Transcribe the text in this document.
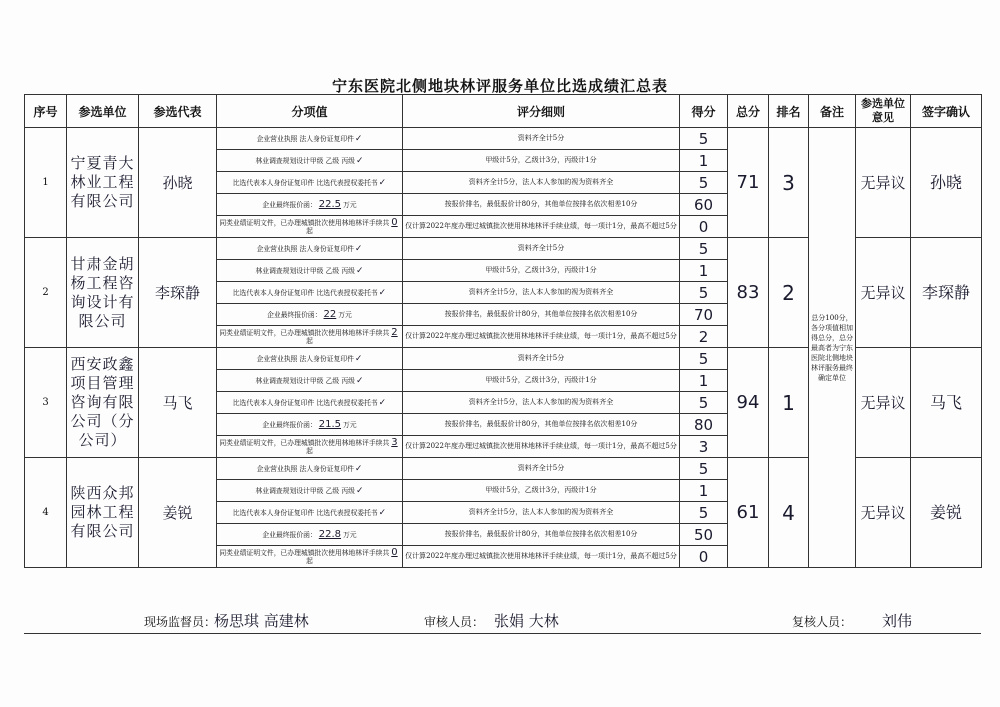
宁东医院北侧地块林评服务单位比选成绩汇总表
序号	参选单位	参选代表	分项值	评分细则	得分	总分	排名	备注	参选单位意见	签字确认
1	宁夏青大林业工程有限公司	孙晓	企业营业执照 法人身份证复印件✓	资料齐全计5分	5	71	3	总分100分，各分项值相加得总分，总分最高者为宁东医院北侧地块林评服务最终确定单位	无异议	孙晓
			林业调查规划设计甲级 乙级 丙级✓	甲级计5分，乙级计3分，丙级计1分	1					
			比选代表本人身份证复印件 比选代表授权委托书✓	资料齐全计5分，法人本人参加的视为资料齐全	5					
			企业最终报价函： 22.5 万元	按报价排名，最低报价计80分，其他单位按排名依次相差10分	60					
			同类业绩证明文件，已办理城镇批次使用林地林评手续共 0起	仅计算2022年度办理过城镇批次使用林地林评手续业绩，每一项计1分，最高不超过5分	0					
2	甘肃金胡杨工程咨询设计有限公司	李琛静	企业营业执照 法人身份证复印件✓	资料齐全计5分	5	83	2		无异议	李琛静
			林业调查规划设计甲级 乙级 丙级✓	甲级计5分，乙级计3分，丙级计1分	1					
			比选代表本人身份证复印件 比选代表授权委托书✓	资料齐全计5分，法人本人参加的视为资料齐全	5					
			企业最终报价函： 22 万元	按报价排名，最低报价计80分，其他单位按排名依次相差10分	70					
			同类业绩证明文件，已办理城镇批次使用林地林评手续共 2起	仅计算2022年度办理过城镇批次使用林地林评手续业绩，每一项计1分，最高不超过5分	2					
3	西安政鑫项目管理咨询有限公司（分公司）	马飞	企业营业执照 法人身份证复印件✓	资料齐全计5分	5	94	1		无异议	马飞
			林业调查规划设计甲级 乙级 丙级✓	甲级计5分，乙级计3分，丙级计1分	1					
			比选代表本人身份证复印件 比选代表授权委托书✓	资料齐全计5分，法人本人参加的视为资料齐全	5					
			企业最终报价函： 21.5 万元	按报价排名，最低报价计80分，其他单位按排名依次相差10分	80					
			同类业绩证明文件，已办理城镇批次使用林地林评手续共 3起	仅计算2022年度办理过城镇批次使用林地林评手续业绩，每一项计1分，最高不超过5分	3					
4	陕西众邦园林工程有限公司	姜锐	企业营业执照 法人身份证复印件✓	资料齐全计5分	5	61	4		无异议	姜锐
			林业调查规划设计甲级 乙级 丙级✓	甲级计5分，乙级计3分，丙级计1分	1					
			比选代表本人身份证复印件 比选代表授权委托书✓	资料齐全计5分，法人本人参加的视为资料齐全	5					
			企业最终报价函： 22.8 万元	按报价排名，最低报价计80分，其他单位按排名依次相差10分	50					
			同类业绩证明文件，已办理城镇批次使用林地林评手续共 0起	仅计算2022年度办理过城镇批次使用林地林评手续业绩，每一项计1分，最高不超过5分	0					
现场监督员：
杨思琪 高建林	审核人员： 张娟 大林	复核人员： 刘伟
